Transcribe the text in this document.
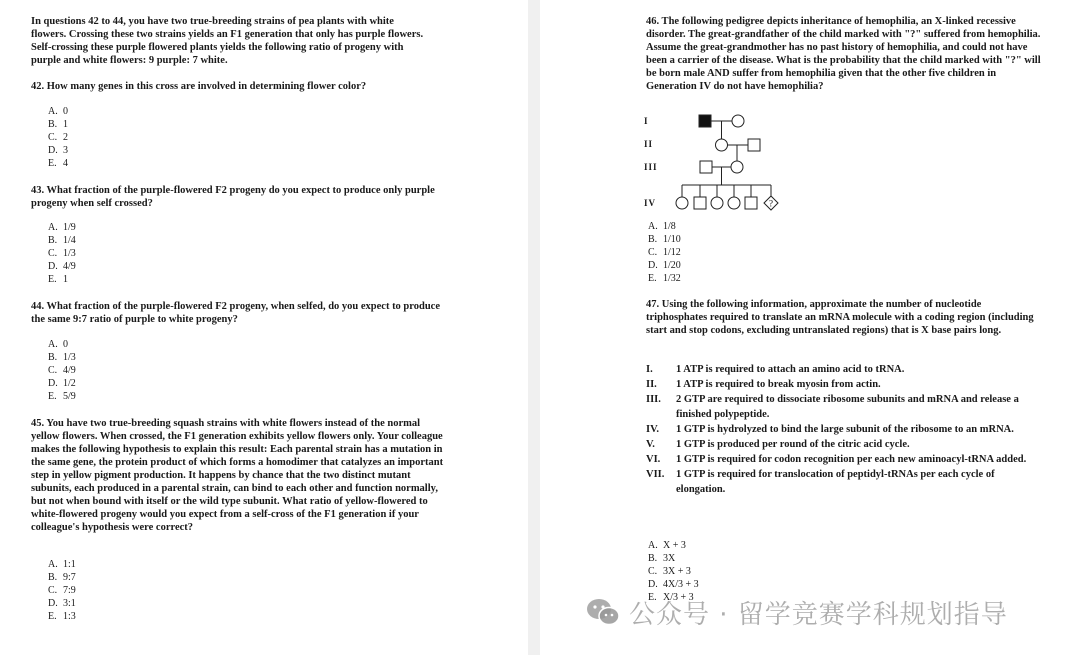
In questions 42 to 44, you have two true-breeding strains of pea plants with white flowers. Crossing these two strains yields an F1 generation that only has purple flowers. Self-crossing these purple flowered plants yields the following ratio of progeny with purple and white flowers: 9 purple: 7 white.
42. How many genes in this cross are involved in determining flower color?
A. 0
B. 1
C. 2
D. 3
E. 4
43. What fraction of the purple-flowered F2 progeny do you expect to produce only purple progeny when self crossed?
A. 1/9
B. 1/4
C. 1/3
D. 4/9
E. 1
44. What fraction of the purple-flowered F2 progeny, when selfed, do you expect to produce the same 9:7 ratio of purple to white progeny?
A. 0
B. 1/3
C. 4/9
D. 1/2
E. 5/9
45. You have two true-breeding squash strains with white flowers instead of the normal yellow flowers. When crossed, the F1 generation exhibits yellow flowers only. Your colleague makes the following hypothesis to explain this result: Each parental strain has a mutation in the same gene, the protein product of which forms a homodimer that catalyzes an important step in yellow pigment production. It happens by chance that the two distinct mutant subunits, each produced in a parental strain, can bind to each other and function normally, but not when bound with itself or the wild type subunit. What ratio of yellow-flowered to white-flowered progeny would you expect from a self-cross of the F1 generation if your colleague's hypothesis were correct?
A. 1:1
B. 9:7
C. 7:9
D. 3:1
E. 1:3
46. The following pedigree depicts inheritance of hemophilia, an X-linked recessive disorder. The great-grandfather of the child marked with "?" suffered from hemophilia. Assume the great-grandmother has no past history of hemophilia, and could not have been a carrier of the disease. What is the probability that the child marked with "?" will be born male AND suffer from hemophilia given that the other five children in Generation IV do not have hemophilia?
I
II
III
IV	?
A. 1/8
B. 1/10
C. 1/12
D. 1/20
E. 1/32
47. Using the following information, approximate the number of nucleotide triphosphates required to translate an mRNA molecule with a coding region (including start and stop codons, excluding untranslated regions) that is X base pairs long.
I.	1 ATP is required to attach an amino acid to tRNA.
II.	1 ATP is required to break myosin from actin.
III.	2 GTP are required to dissociate ribosome subunits and mRNA and release a finished polypeptide.
IV.	1 GTP is hydrolyzed to bind the large subunit of the ribosome to an mRNA.
V.	1 GTP is produced per round of the citric acid cycle.
VI.	1 GTP is required for codon recognition per each new aminoacyl-tRNA added.
VII.	1 GTP is required for translocation of peptidyl-tRNAs per each cycle of elongation.
A. X + 3
B. 3X
C. 3X + 3
D. 4X/3 + 3
E. X/3 + 3
公众号 · 留学竞赛学科规划指导
